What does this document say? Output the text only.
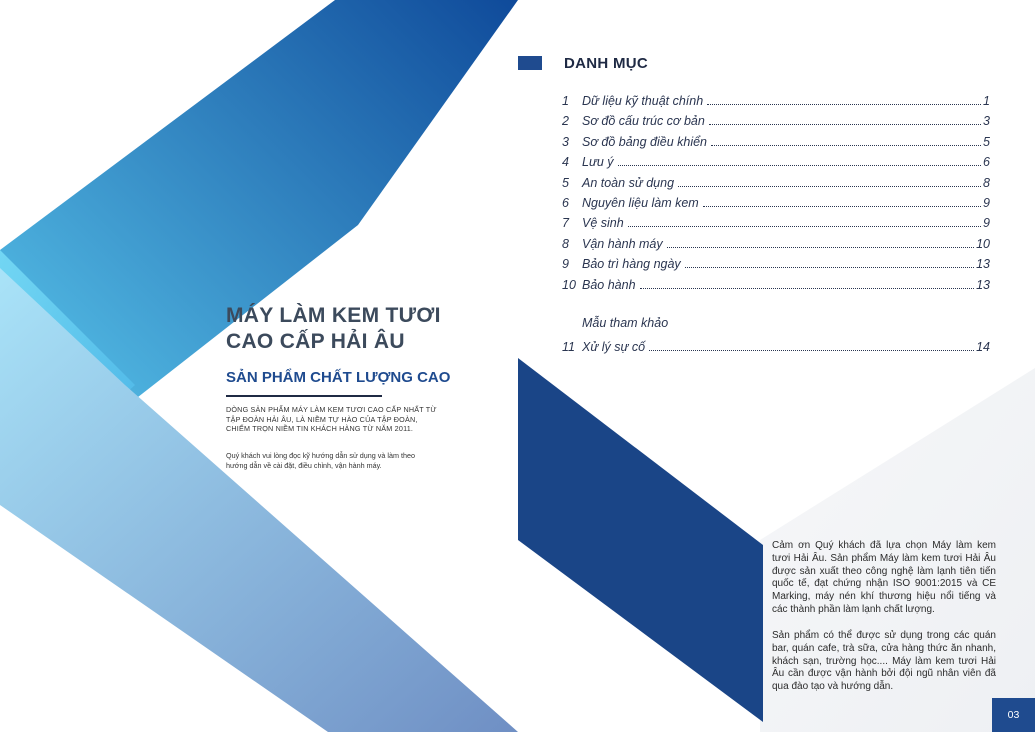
MÁY LÀM KEM TƯƠI
CAO CẤP HẢI ÂU
SẢN PHẨM CHẤT LƯỢNG CAO
DÒNG SẢN PHẨM MÁY LÀM KEM TƯƠI CAO CẤP NHẤT TỪ
TẬP ĐOÀN HẢI ÂU, LÀ NIỀM TỰ HÀO CỦA TẬP ĐOÀN,
CHIẾM TRỌN NIỀM TIN KHÁCH HÀNG TỪ NĂM 2011.
Quý khách vui lòng đọc kỹ hướng dẫn sử dụng và làm theo
hướng dẫn về cài đặt, điều chỉnh, vận hành máy.
DANH MỤC
1	Dữ liệu kỹ thuật chính	1
2	Sơ đồ cấu trúc cơ bản	3
3	Sơ đồ bảng điều khiển	5
4	Lưu ý	6
5	An toàn sử dụng	8
6	Nguyên liệu làm kem	9
7	Vệ sinh	9
8	Vận hành máy	10
9	Bảo trì hàng ngày	13
10 Bảo hành	13
Mẫu tham khảo
11 Xử lý sự cố	14
Cảm ơn Quý khách đã lựa chọn Máy làm kem tươi Hải Âu. Sản phẩm Máy làm kem tươi Hải Âu được sản xuất theo công nghệ làm lạnh tiên tiến quốc tế, đạt chứng nhận ISO 9001:2015 và CE Marking, máy nén khí thương hiệu nổi tiếng và các thành phần làm lạnh chất lượng.
Sản phẩm có thể được sử dụng trong các quán bar, quán cafe, trà sữa, cửa hàng thức ăn nhanh, khách sạn, trường học.... Máy làm kem tươi Hải Âu cần được vận hành bởi đội ngũ nhân viên đã qua đào tạo và hướng dẫn.
03
